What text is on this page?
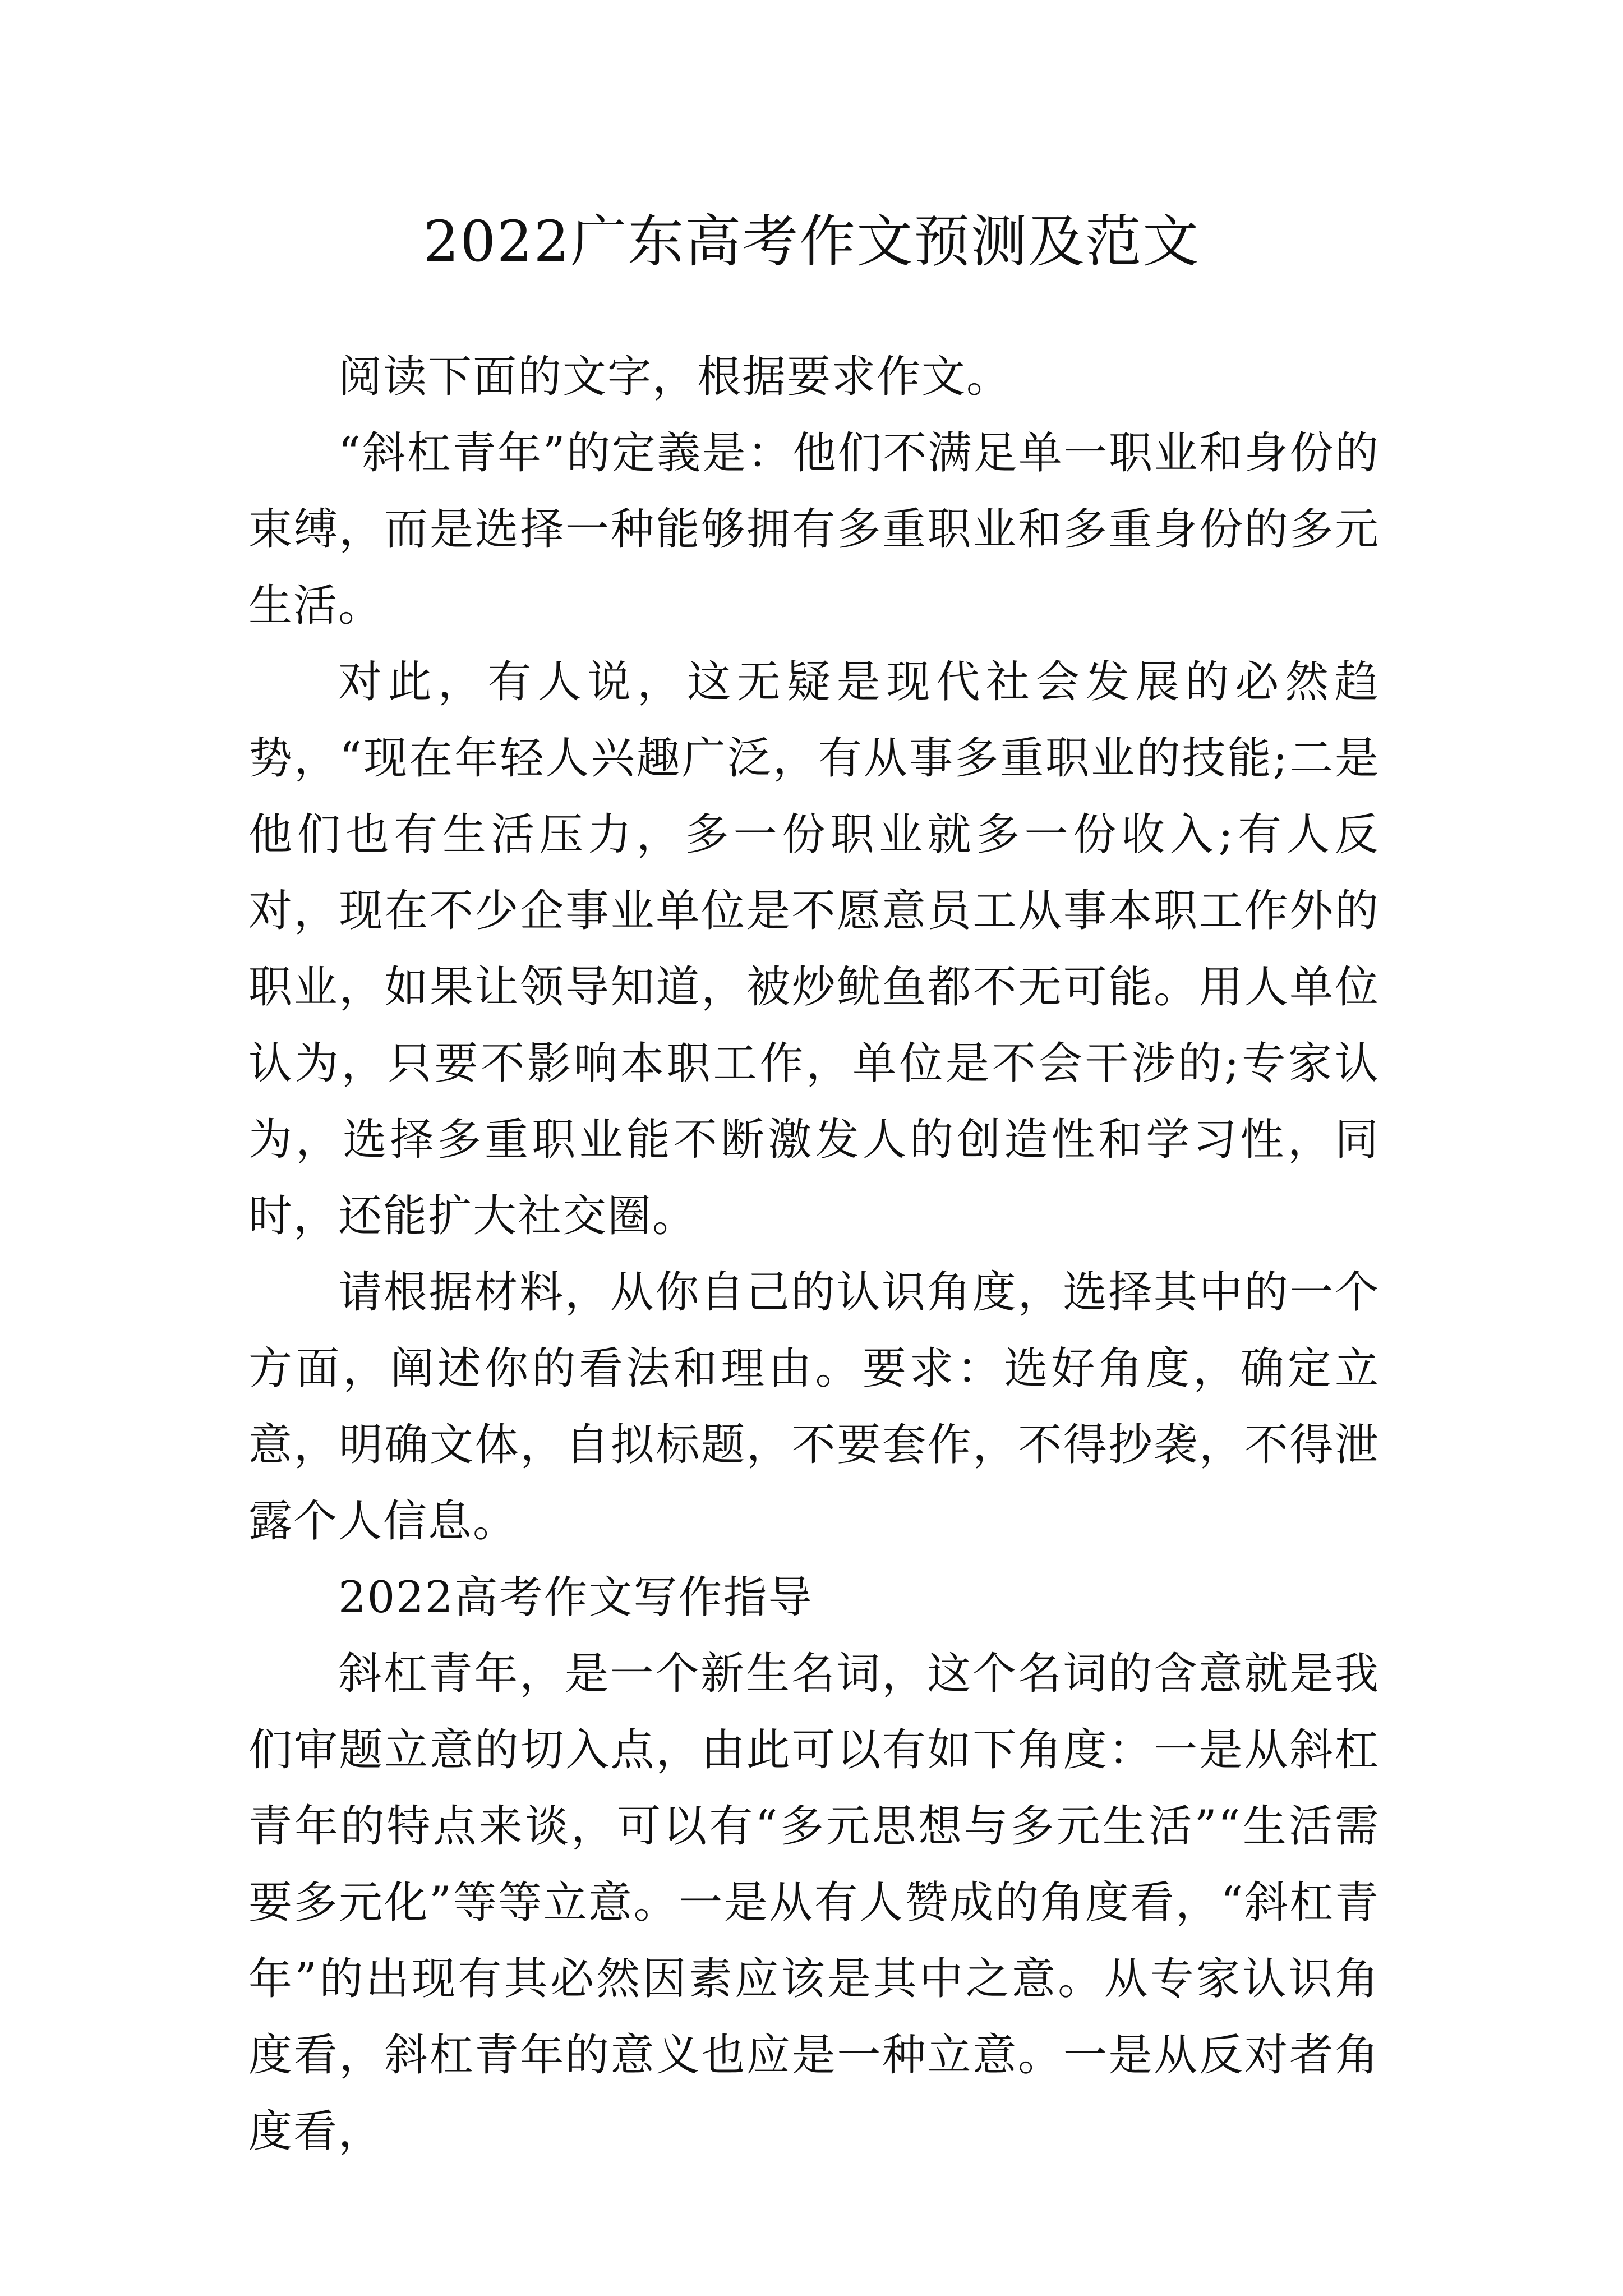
2022广东高考作文预测及范文

阅读下面的文字，根据要求作文。

“斜杠青年”的定義是：他们不满足单一职业和身份的束缚，而是选择一种能够拥有多重职业和多重身份的多元生活。

对此，有人说，这无疑是现代社会发展的必然趋势，“现在年轻人兴趣广泛，有从事多重职业的技能;二是他们也有生活压力，多一份职业就多一份收入;有人反对，现在不少企事业单位是不愿意员工从事本职工作外的职业，如果让领导知道，被炒鱿鱼都不无可能。用人单位认为，只要不影响本职工作，单位是不会干涉的;专家认为，选择多重职业能不断激发人的创造性和学习性，同时，还能扩大社交圈。

请根据材料，从你自己的认识角度，选择其中的一个方面，阐述你的看法和理由。要求：选好角度，确定立意，明确文体，自拟标题，不要套作，不得抄袭，不得泄露个人信息。

2022高考作文写作指导

斜杠青年，是一个新生名词，这个名词的含意就是我们审题立意的切入点，由此可以有如下角度：一是从斜杠青年的特点来谈，可以有“多元思想与多元生活”“生活需要多元化”等等立意。一是从有人赞成的角度看，“斜杠青年”的出现有其必然因素应该是其中之意。从专家认识角度看，斜杠青年的意义也应是一种立意。一是从反对者角度看，
